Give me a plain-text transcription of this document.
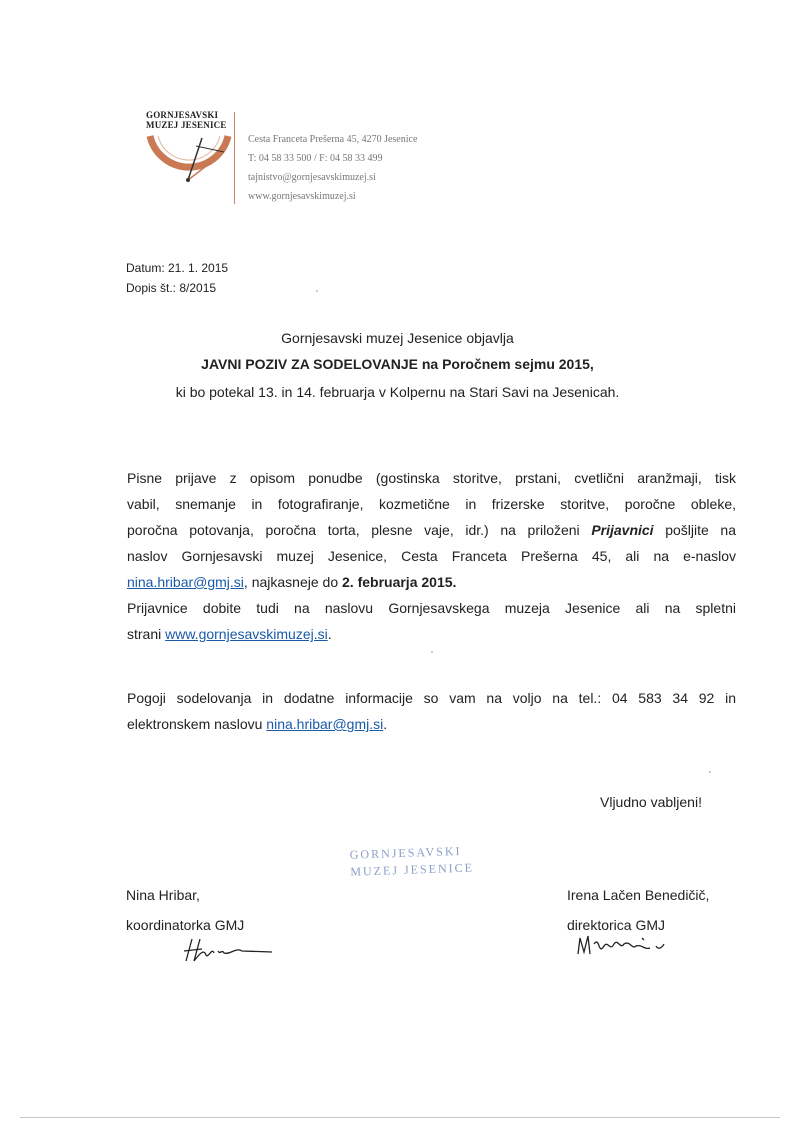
GORNJESAVSKI
MUZEJ JESENICE
Cesta Franceta Prešerna 45, 4270 Jesenice
T: 04 58 33 500 / F: 04 58 33 499
tajnistvo@gornjesavskimuzej.si
www.gornjesavskimuzej.si
Datum: 21. 1. 2015
Dopis št.: 8/2015
Gornjesavski muzej Jesenice objavlja
JAVNI POZIV ZA SODELOVANJE na Poročnem sejmu 2015,
ki bo potekal 13. in 14. februarja v Kolpernu na Stari Savi na Jesenicah.
Pisne prijave z opisom ponudbe (gostinska storitve, prstani, cvetlični aranžmaji, tisk
vabil, snemanje in fotografiranje, kozmetične in frizerske storitve, poročne obleke,
poročna potovanja, poročna torta, plesne vaje, idr.) na priloženi Prijavnici pošljite na
naslov Gornjesavski muzej Jesenice, Cesta Franceta Prešerna 45, ali na e-naslov
nina.hribar@gmj.si, najkasneje do 2. februarja 2015.
Prijavnice dobite tudi na naslovu Gornjesavskega muzeja Jesenice ali na spletni
strani www.gornjesavskimuzej.si.
Pogoji sodelovanja in dodatne informacije so vam na voljo na tel.: 04 583 34 92 in
elektronskem naslovu nina.hribar@gmj.si.
Vljudno vabljeni!
GORNJESAVSKI
MUZEJ JESENICE
Nina Hribar,
koordinatorka GMJ
Irena Lačen Benedičič,
direktorica GMJ
